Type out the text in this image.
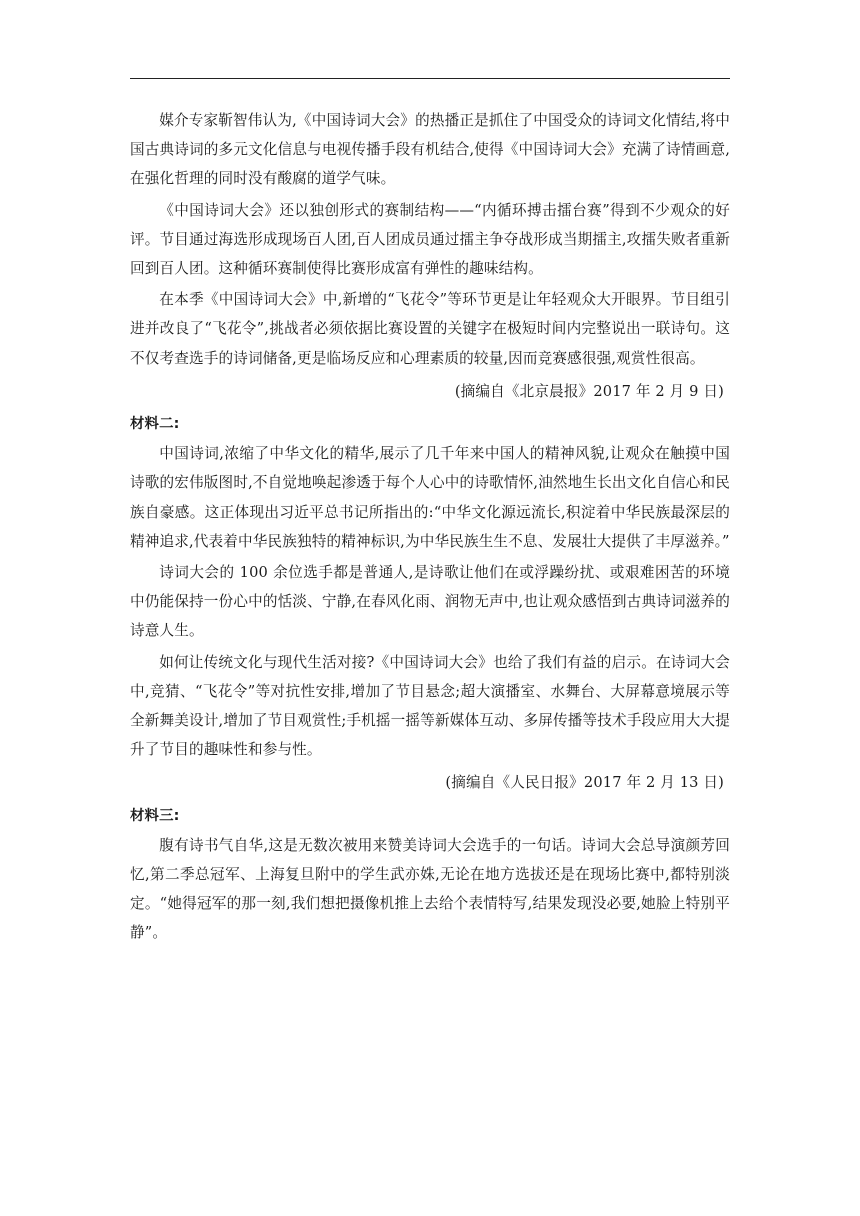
媒介专家靳智伟认为,《中国诗词大会》的热播正是抓住了中国受众的诗词文化情结,将中国古典诗词的多元文化信息与电视传播手段有机结合,使得《中国诗词大会》充满了诗情画意,在强化哲理的同时没有酸腐的道学气味。

《中国诗词大会》还以独创形式的赛制结构——“内循环搏击擂台赛”得到不少观众的好评。节目通过海选形成现场百人团,百人团成员通过擂主争夺战形成当期擂主,攻擂失败者重新回到百人团。这种循环赛制使得比赛形成富有弹性的趣味结构。

在本季《中国诗词大会》中,新增的“飞花令”等环节更是让年轻观众大开眼界。节目组引进并改良了“飞花令”,挑战者必须依据比赛设置的关键字在极短时间内完整说出一联诗句。这不仅考查选手的诗词储备,更是临场反应和心理素质的较量,因而竞赛感很强,观赏性很高。

(摘编自《北京晨报》2017 年 2 月 9 日)

材料二:

中国诗词,浓缩了中华文化的精华,展示了几千年来中国人的精神风貌,让观众在触摸中国诗歌的宏伟版图时,不自觉地唤起渗透于每个人心中的诗歌情怀,油然地生长出文化自信心和民族自豪感。这正体现出习近平总书记所指出的:“中华文化源远流长,积淀着中华民族最深层的精神追求,代表着中华民族独特的精神标识,为中华民族生生不息、发展壮大提供了丰厚滋养。”

诗词大会的 100 余位选手都是普通人,是诗歌让他们在或浮躁纷扰、或艰难困苦的环境中仍能保持一份心中的恬淡、宁静,在春风化雨、润物无声中,也让观众感悟到古典诗词滋养的诗意人生。

如何让传统文化与现代生活对接?《中国诗词大会》也给了我们有益的启示。在诗词大会中,竞猜、“飞花令”等对抗性安排,增加了节目悬念;超大演播室、水舞台、大屏幕意境展示等全新舞美设计,增加了节目观赏性;手机摇一摇等新媒体互动、多屏传播等技术手段应用大大提升了节目的趣味性和参与性。

(摘编自《人民日报》2017 年 2 月 13 日)

材料三:

腹有诗书气自华,这是无数次被用来赞美诗词大会选手的一句话。诗词大会总导演颜芳回忆,第二季总冠军、上海复旦附中的学生武亦姝,无论在地方选拔还是在现场比赛中,都特别淡定。“她得冠军的那一刻,我们想把摄像机推上去给个表情特写,结果发现没必要,她脸上特别平静”。
